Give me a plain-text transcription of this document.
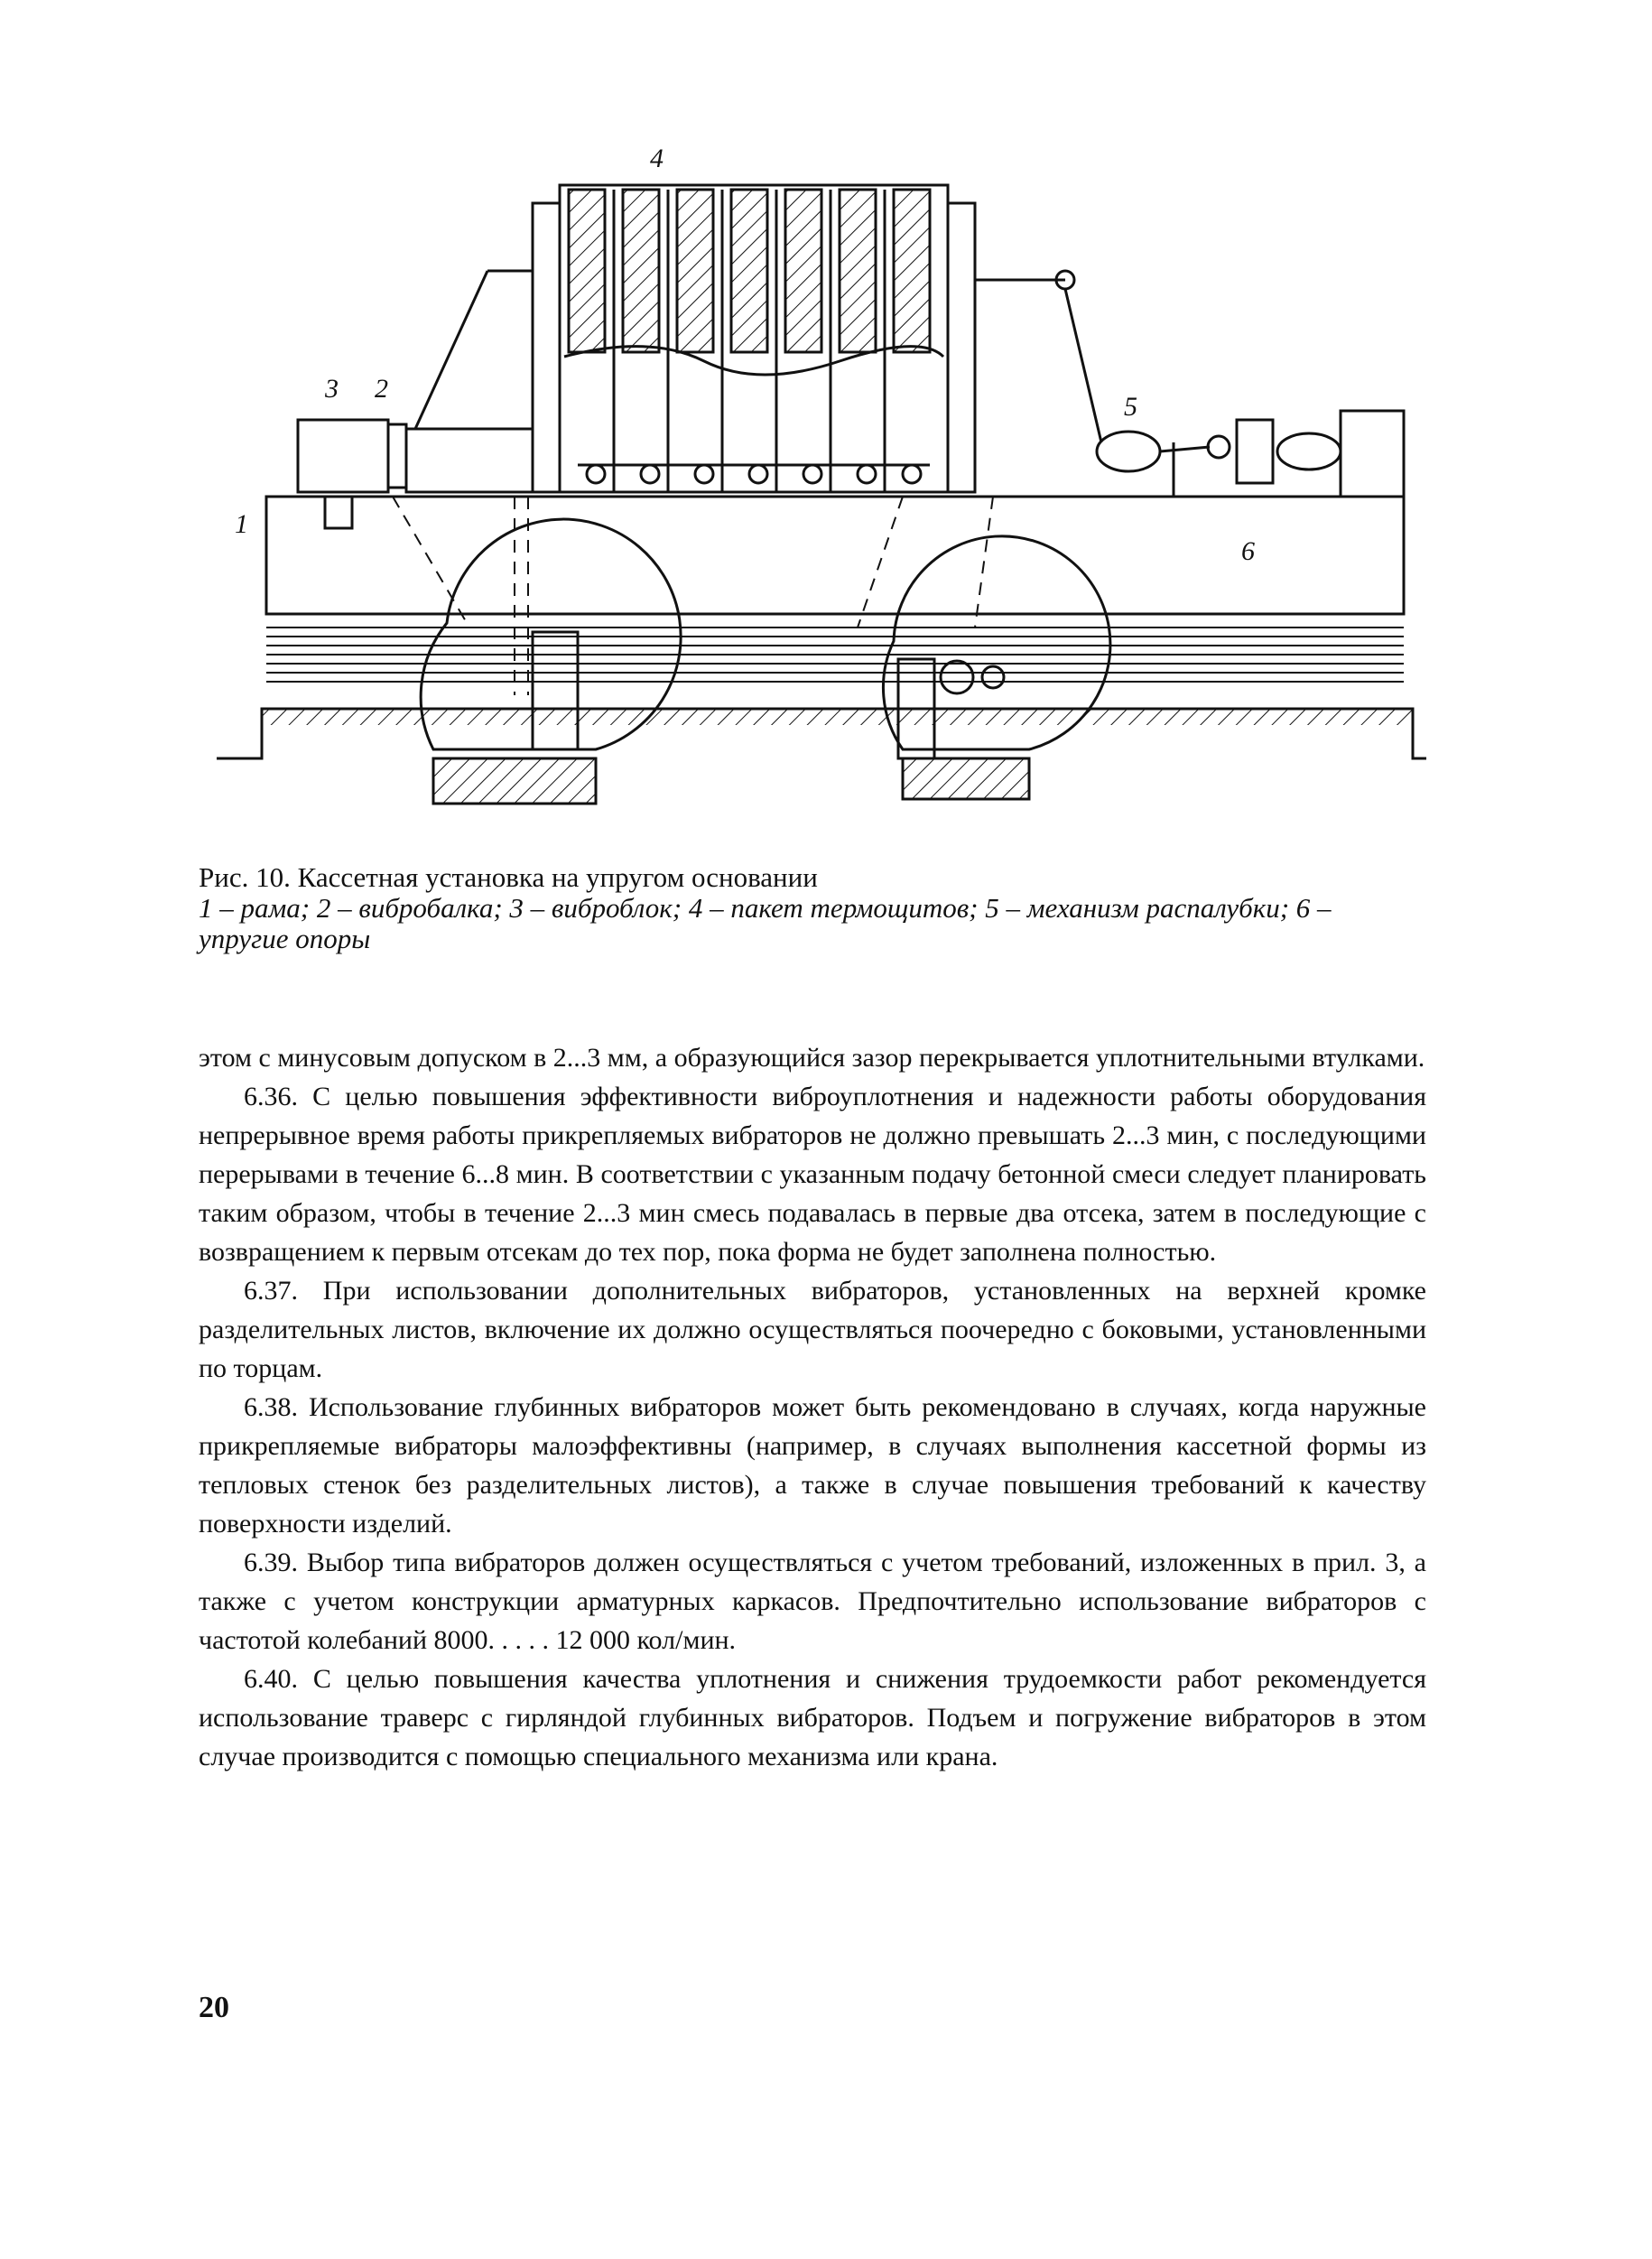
1
2
3
4
5
6
Рис. 10. Кассетная установка на упругом основании
1 – рама; 2 – вибробалка; 3 – виброблок; 4 – пакет термощитов; 5 – механизм распалубки; 6 – упругие опоры

этом с минусовым допуском в 2...3 мм, а образующийся зазор перекрывается уплотнительными втулками.

6.36. С целью повышения эффективности виброуплотнения и надежности работы оборудования непрерывное время работы прикрепляемых вибраторов не должно превышать 2...3 мин, с последующими перерывами в течение 6...8 мин. В соответствии с указанным подачу бетонной смеси следует планировать таким образом, чтобы в течение 2...3 мин смесь подавалась в первые два отсека, затем в последующие с возвращением к первым отсекам до тех пор, пока форма не будет заполнена полностью.

6.37. При использовании дополнительных вибраторов, установленных на верхней кромке разделительных листов, включение их должно осуществляться поочередно с боковыми, установленными по торцам.

6.38. Использование глубинных вибраторов может быть рекомендовано в случаях, когда наружные прикрепляемые вибраторы малоэффективны (например, в случаях выполнения кассетной формы из тепловых стенок без разделительных листов), а также в случае повышения требований к качеству поверхности изделий.

6.39. Выбор типа вибраторов должен осуществляться с учетом требований, изложенных в прил. 3, а также с учетом конструкции арматурных каркасов. Предпочтительно использование вибраторов с частотой колебаний 8000. . . . . 12 000 кол/мин.

6.40. С целью повышения качества уплотнения и снижения трудоемкости работ рекомендуется использование траверс с гирляндой глубинных вибраторов. Подъем и погружение вибраторов в этом случае производится с помощью специального механизма или крана.

20
